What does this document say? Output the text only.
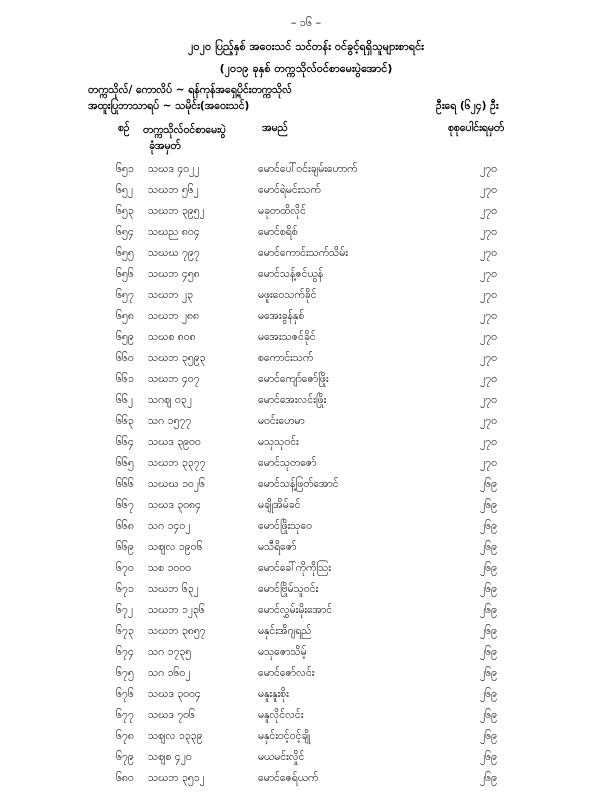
– ၁၆ –
၂၀၂၀ ပြည့်နှစ် အဝေးသင် သင်တန်း ဝင်ခွင့်ရရှိသူများစာရင်း
(၂၀၁၉ ခုနှစ် တက္ကသိုလ်ဝင်စာမေးပွဲအောင်)
တက္ကသိုလ်/ ကောလိပ် ~ ရန်ကုန်အရှေ့ပိုင်းတက္ကသိုလ်
အထူးပြုဘာသာရပ် ~ သမိုင်း(အဝေးသင်)	ဦးရေ (၆၂၄) ဦး
စဉ် တက္ကသိုလ်ဝင်စာမေးပွဲ
ခုံအမှတ်
အမည်	စုစုပေါင်းရမှတ်
၆၅၁ သဃဒ ၄၀၂၂	မောင်ပေါ်ဝင်းချမ်းဟောက်	၂၇၀
၆၅၂ သဃဘ ၅၆၂	မောင်ရဲမင်းသက်	၂၇၀
၆၅၃ သဃဘ ၃၉၅၂	မခုတထိလိုင်	၂၇၀
၆၅၄ သဃည ၈၀၄	မောင်စရိစ်	၂၇၀
၆၅၅ သဃဃ ၇၉၇	မောင်ကောင်းသက်သိမ်း	၂၇၀
၆၅၆ သဃဘ ၄၅၈	မောင်သန့်ဇင်ယွန်	၂၇၀
၆၅၇ သဃဘ ၂၃	မဖူးဝေသက်ခိုင်	၂၇၀
၆၅၈ သဃဘ ၂၈၈	မအေးခွန်နှစ်	၂၇၀
၆၅၉ သဃစ ၈၀၈	မအေးသဇင်ခိုင်	၂၇၀
၆၆၀ သဃဘ ၃၅၉၃	စကောင်းသက်	၂၇၀
၆၆၁ သဃဘ ၄၀၇	မောင်ကျော်ဇော်ဖြိုး	၂၇၀
၆၆၂ သဂဈ ၀၃၂	မောင်အေးလင်းဖြိုး	၂၇၀
၆၆၃ သဂ ၁၅၇၇	မဝင်းဟေမာ	၂၇၀
၆၆၄ သဃဒ ၃၉၀၀	မသုသုဝင်း	၂၇၀
၆၆၅ သဃဘ ၃၃၇၇	မောင်သုတဇော်	၂၇၀
၆၆၆ သဃဃ ၁၀၂၆	မောင်သန့်ဖြတ်အောင်	၂၆၉
၆၆၇ သဃဒ ၃၀၈၄	မချိုအိမ်ခင်	၂၆၉
၆၆၈ သဂ ၁၄၀၂	မောင်ဖြိုးသုဝေ	၂၆၉
၆၆၉ သဈလ ၁၉၀၆	မသီရိဇော်	၂၆၉
၆၇၀ သစ ၁၀၀၀	မောင်ခေါ်ကိုကိုဩး	၂၆၉
၆၇၁ သဃဘ ၆၃၂	မောင်ဗြိုမ်သူဝင်း	၂၆၉
၆၇၂ သဃဘ ၁၂၃၆	မောင်လွှမ်းမိုးအောင်	၂၆၉
၆၇၃ သဃဘ ၃၈၅၇	မနှင်းအိဂျရည်	၂၆၉
၆၇၄ သဂ ၁၇၃၅	မသုဇောသိမ့်	၂၆၉
၆၇၅ သဂ ၁၆၀၂	မောင်ဇော်လင်း	၂၆၉
၆၇၆ သဃဒ ၃၀၀၄	မနူးနူးစိုး	၂၆၉
၆၇၇ သဃဒ ၇၀၆	မနူလိုင်လင်း	၂၆၉
၆၇၈ သဈလ ၁၃၃၉	မနှင်းဝင့်ဝင့်ချို	၂၆၉
၆၇၉ သဈစ ၄၂၀	မယမင်းလှိုင်	၂၆၉
၆၈၀ သဃဘ ၃၅၁၂	မောင်ဇေရ်ယက်	၂၆၉
